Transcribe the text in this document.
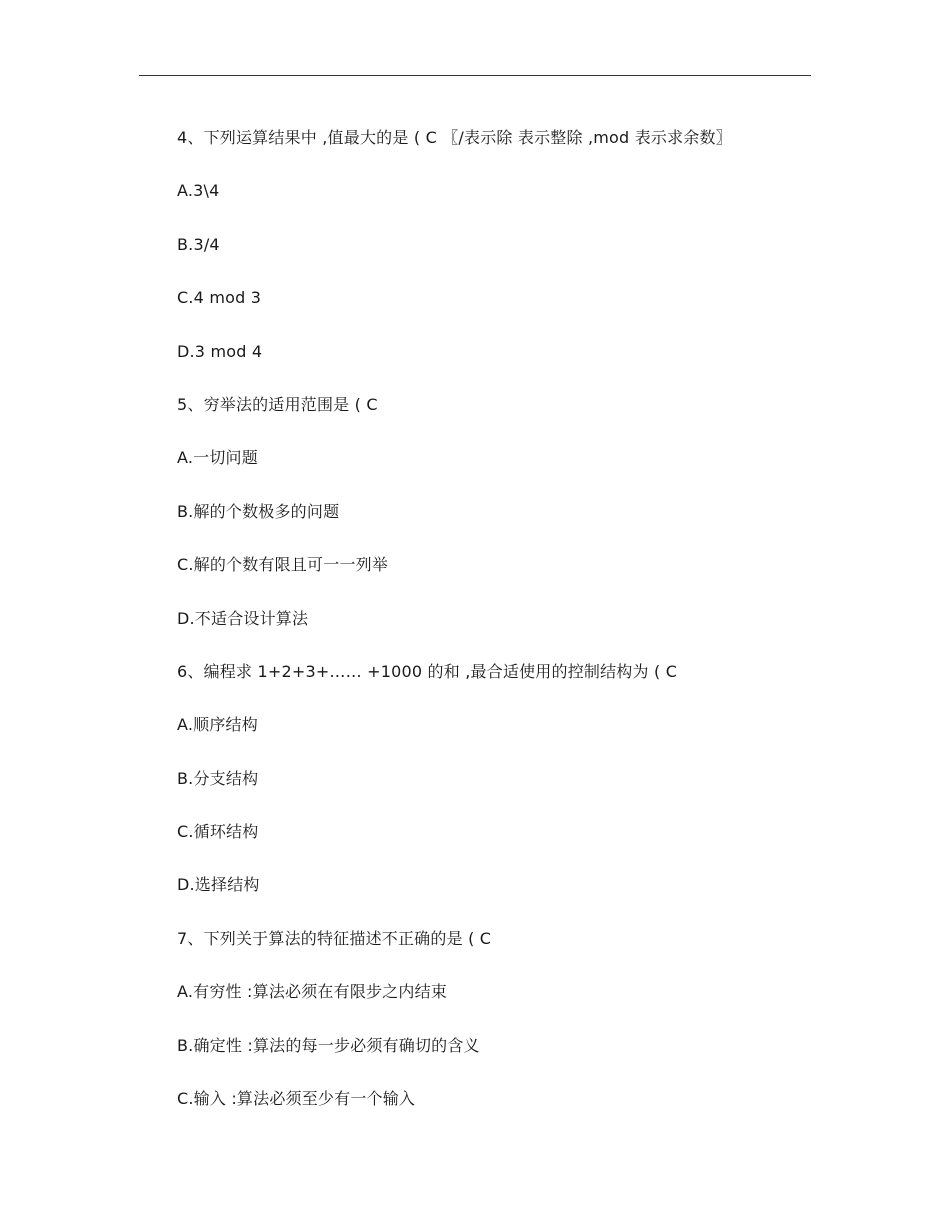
4、下列运算结果中 ,值最大的是 ( C 〖/表示除 表示整除 ,mod 表示求余数〗
A.3\4
B.3/4
C.4 mod 3
D.3 mod 4
5、穷举法的适用范围是 ( C
A.一切问题
B.解的个数极多的问题
C.解的个数有限且可一一列举
D.不适合设计算法
6、编程求 1+2+3+…… +1000 的和 ,最合适使用的控制结构为 ( C
A.顺序结构
B.分支结构
C.循环结构
D.选择结构
7、下列关于算法的特征描述不正确的是 ( C
A.有穷性 :算法必须在有限步之内结束
B.确定性 :算法的每一步必须有确切的含义
C.输入 :算法必须至少有一个输入
